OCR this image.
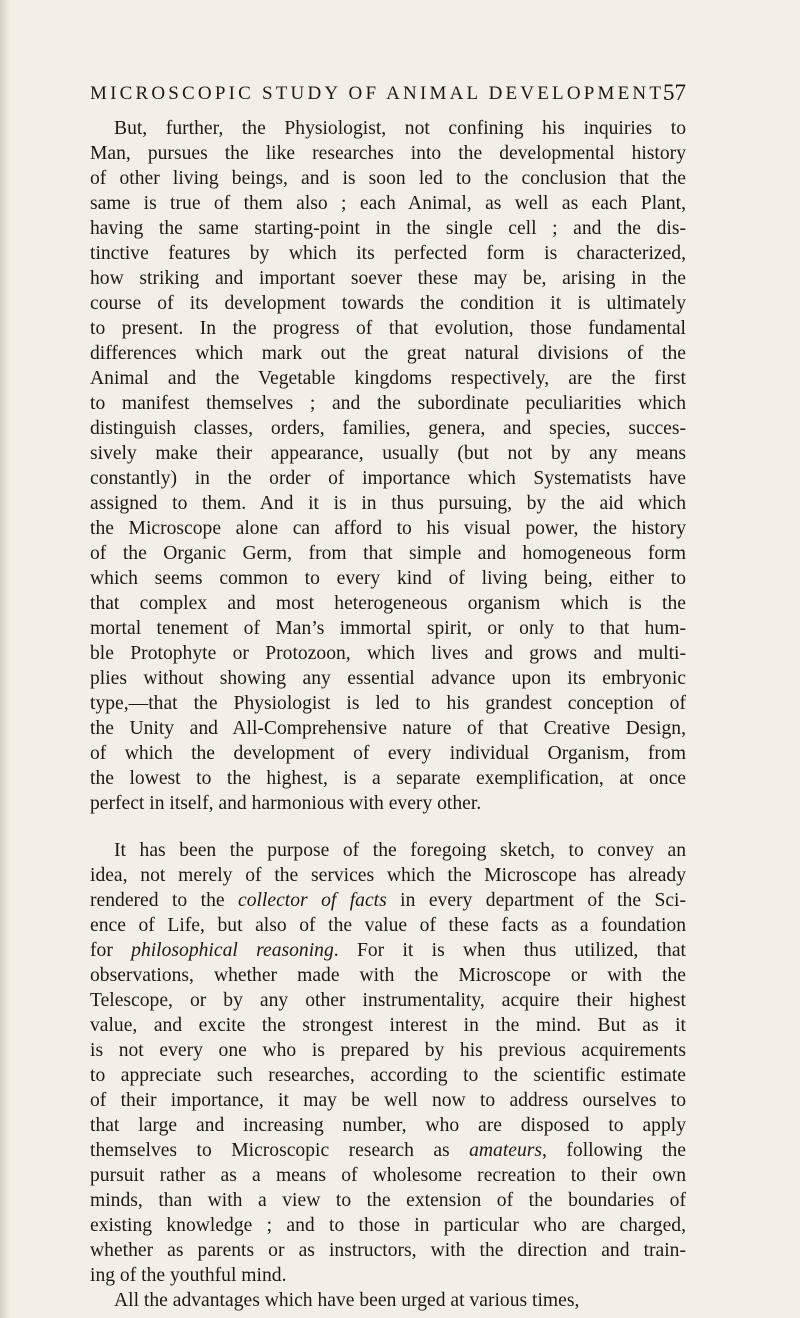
MICROSCOPIC STUDY OF ANIMAL DEVELOPMENT.
57
But, further, the Physiologist, not confining his inquiries to
Man, pursues the like researches into the developmental history
of other living beings, and is soon led to the conclusion that the
same is true of them also ; each Animal, as well as each Plant,
having the same starting-point in the single cell ; and the dis-
tinctive features by which its perfected form is characterized,
how striking and important soever these may be, arising in the
course of its development towards the condition it is ultimately
to present. In the progress of that evolution, those fundamental
differences which mark out the great natural divisions of the
Animal and the Vegetable kingdoms respectively, are the first
to manifest themselves ; and the subordinate peculiarities which
distinguish classes, orders, families, genera, and species, succes-
sively make their appearance, usually (but not by any means
constantly) in the order of importance which Systematists have
assigned to them. And it is in thus pursuing, by the aid which
the Microscope alone can afford to his visual power, the history
of the Organic Germ, from that simple and homogeneous form
which seems common to every kind of living being, either to
that complex and most heterogeneous organism which is the
mortal tenement of Man’s immortal spirit, or only to that hum-
ble Protophyte or Protozoon, which lives and grows and multi-
plies without showing any essential advance upon its embryonic
type,—that the Physiologist is led to his grandest conception of
the Unity and All-Comprehensive nature of that Creative Design,
of which the development of every individual Organism, from
the lowest to the highest, is a separate exemplification, at once
perfect in itself, and harmonious with every other.
It has been the purpose of the foregoing sketch, to convey an
idea, not merely of the services which the Microscope has already
rendered to the collector of facts in every department of the Sci-
ence of Life, but also of the value of these facts as a foundation
for philosophical reasoning. For it is when thus utilized, that
observations, whether made with the Microscope or with the
Telescope, or by any other instrumentality, acquire their highest
value, and excite the strongest interest in the mind. But as it
is not every one who is prepared by his previous acquirements
to appreciate such researches, according to the scientific estimate
of their importance, it may be well now to address ourselves to
that large and increasing number, who are disposed to apply
themselves to Microscopic research as amateurs, following the
pursuit rather as a means of wholesome recreation to their own
minds, than with a view to the extension of the boundaries of
existing knowledge ; and to those in particular who are charged,
whether as parents or as instructors, with the direction and train-
ing of the youthful mind.
All the advantages which have been urged at various times,
